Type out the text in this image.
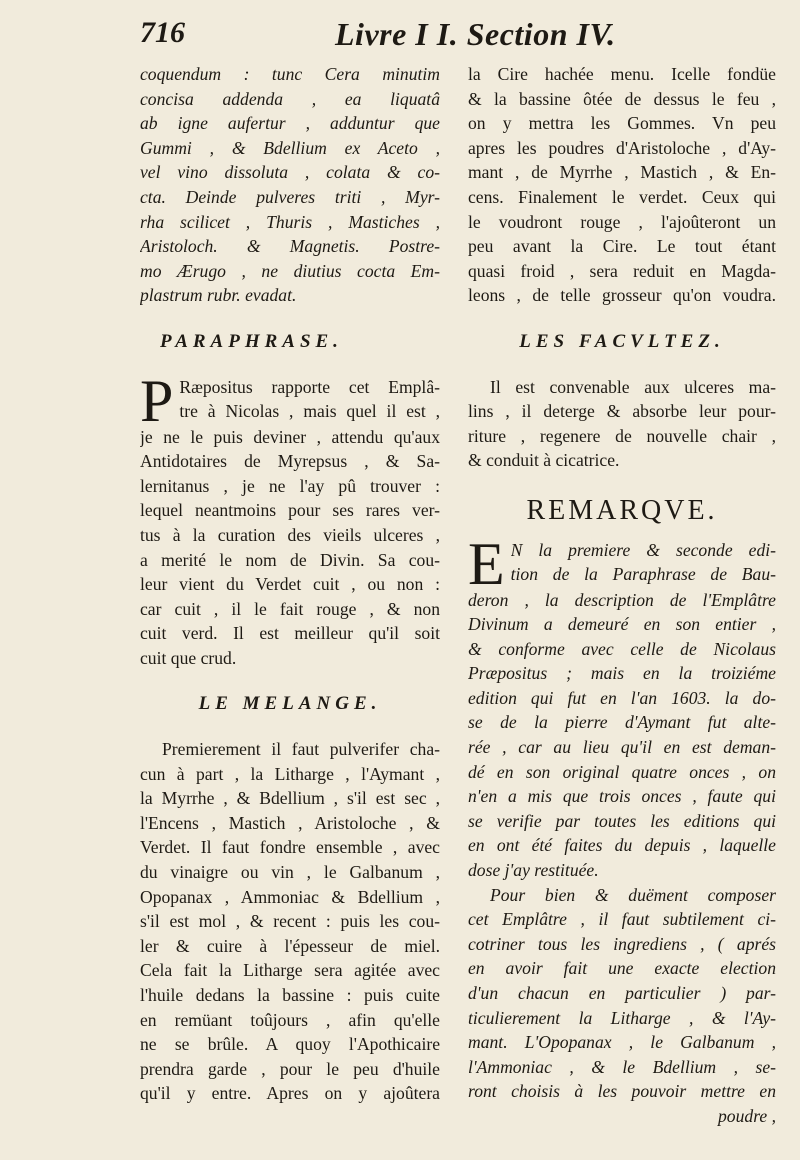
716	Livre I I. Section IV.
coquendum : tunc Cera minutim
concisa addenda , ea liquatâ
ab igne aufertur , adduntur que
Gummi , & Bdellium ex Aceto ,
vel vino dissoluta , colata & co-
cta. Deinde pulveres triti , Myr-
rha scilicet , Thuris , Mastiches ,
Aristoloch. & Magnetis. Postre-
mo Ærugo , ne diutius cocta Em-
plastrum rubr. evadat.
PARAPHRASE.
P Ræpositus rapporte cet Emplâ-
tre à Nicolas , mais quel il est ,
je ne le puis deviner , attendu qu'aux
Antidotaires de Myrepsus , & Sa-
lernitanus , je ne l'ay pû trouver :
lequel neantmoins pour ses rares ver-
tus à la curation des vieils ulceres ,
a merité le nom de Divin. Sa cou-
leur vient du Verdet cuit , ou non :
car cuit , il le fait rouge , & non
cuit verd. Il est meilleur qu'il soit
cuit que crud.
LE MELANGE.
Premierement il faut pulverifer cha-
cun à part , la Litharge , l'Aymant ,
la Myrrhe , & Bdellium , s'il est sec ,
l'Encens , Mastich , Aristoloche , &
Verdet. Il faut fondre ensemble , avec
du vinaigre ou vin , le Galbanum ,
Opopanax , Ammoniac & Bdellium ,
s'il est mol , & recent : puis les cou-
ler & cuire à l'épesseur de miel.
Cela fait la Litharge sera agitée avec
l'huile dedans la bassine : puis cuite
en remüant toûjours , afin qu'elle
ne se brûle. A quoy l'Apothicaire
prendra garde , pour le peu d'huile
qu'il y entre. Apres on y ajoûtera
la Cire hachée menu. Icelle fondüe
& la bassine ôtée de dessus le feu ,
on y mettra les Gommes. Vn peu
apres les poudres d'Aristoloche , d'Ay-
mant , de Myrrhe , Mastich , & En-
cens. Finalement le verdet. Ceux qui
le voudront rouge , l'ajoûteront un
peu avant la Cire. Le tout étant
quasi froid , sera reduit en Magda-
leons , de telle grosseur qu'on voudra.
LES FACVLTEZ.
Il est convenable aux ulceres ma-
lins , il deterge & absorbe leur pour-
riture , regenere de nouvelle chair ,
& conduit à cicatrice.
REMARQVE.
E N la premiere & seconde edi-
tion de la Paraphrase de Bau-
deron , la description de l'Emplâtre
Divinum a demeuré en son entier ,
& conforme avec celle de Nicolaus
Præpositus ; mais en la troiziéme
edition qui fut en l'an 1603. la do-
se de la pierre d'Aymant fut alte-
rée , car au lieu qu'il en est deman-
dé en son original quatre onces , on
n'en a mis que trois onces , faute qui
se verifie par toutes les editions qui
en ont été faites du depuis , laquelle
dose j'ay restituée.
Pour bien & duëment composer
cet Emplâtre , il faut subtilement ci-
cotriner tous les ingrediens , ( aprés
en avoir fait une exacte election
d'un chacun en particulier ) par-
ticulierement la Litharge , & l'Ay-
mant. L'Opopanax , le Galbanum ,
l'Ammoniac , & le Bdellium , se-
ront choisis à les pouvoir mettre en
poudre ,
